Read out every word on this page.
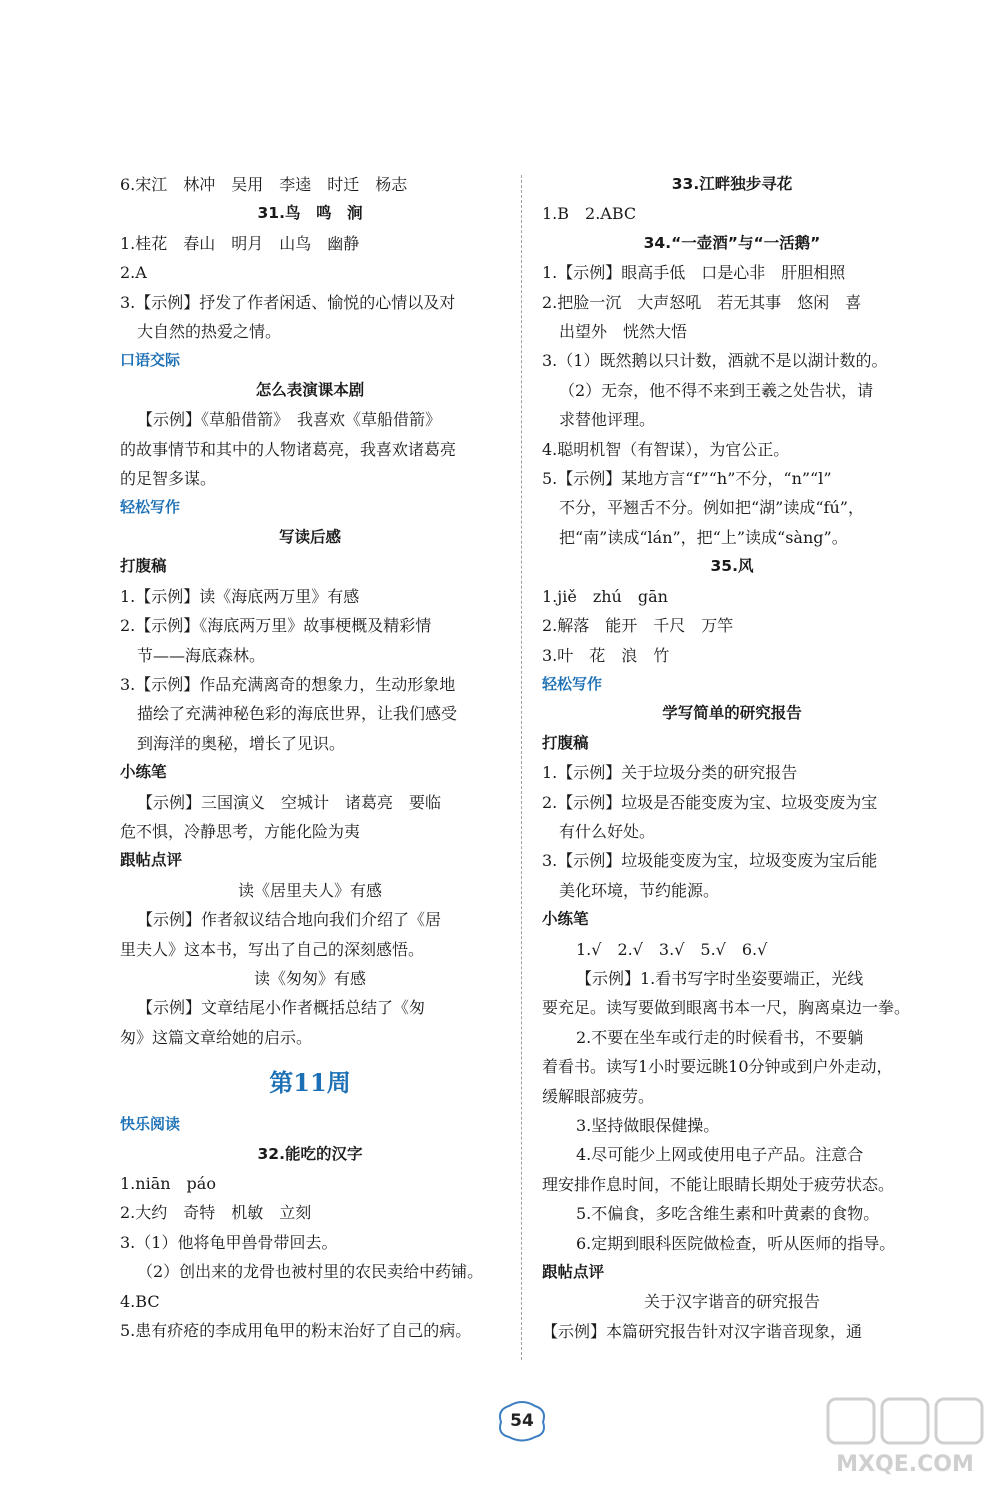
6.宋江　林冲　吴用　李逵　时迁　杨志

31.鸟　鸣　涧

1.桂花　春山　明月　山鸟　幽静

2.A

3.【示例】抒发了作者闲适、愉悦的心情以及对

大自然的热爱之情。

口语交际

怎么表演课本剧

【示例】《草船借箭》　我喜欢《草船借箭》

的故事情节和其中的人物诸葛亮，我喜欢诸葛亮

的足智多谋。

轻松写作

写读后感

打腹稿

1.【示例】读《海底两万里》有感

2.【示例】《海底两万里》故事梗概及精彩情

节——海底森林。

3.【示例】作品充满离奇的想象力，生动形象地

描绘了充满神秘色彩的海底世界，让我们感受

到海洋的奥秘，增长了见识。

小练笔

【示例】三国演义　空城计　诸葛亮　要临

危不惧，冷静思考，方能化险为夷

跟帖点评

读《居里夫人》有感

【示例】作者叙议结合地向我们介绍了《居

里夫人》这本书，写出了自己的深刻感悟。

读《匆匆》有感

【示例】文章结尾小作者概括总结了《匆

匆》这篇文章给她的启示。

第11周

快乐阅读

32.能吃的汉字

1.niān　páo

2.大约　奇特　机敏　立刻

3.（1）他将龟甲兽骨带回去。

（2）创出来的龙骨也被村里的农民卖给中药铺。

4.BC

5.患有疥疮的李成用龟甲的粉末治好了自己的病。

33.江畔独步寻花

1.B　2.ABC

34.“一壶酒”与“一活鹅”

1.【示例】眼高手低　口是心非　肝胆相照

2.把脸一沉　大声怒吼　若无其事　悠闲　喜

出望外　恍然大悟

3.（1）既然鹅以只计数，酒就不是以湖计数的。

（2）无奈，他不得不来到王羲之处告状，请

求替他评理。

4.聪明机智（有智谋），为官公正。

5.【示例】某地方言“f”“h”不分，“n”“l”

不分，平翘舌不分。例如把“湖”读成“fú”，

把“南”读成“lán”，把“上”读成“sàng”。

35.风

1.jiě　zhú　gān

2.解落　能开　千尺　万竿

3.叶　花　浪　竹

轻松写作

学写简单的研究报告

打腹稿

1.【示例】关于垃圾分类的研究报告

2.【示例】垃圾是否能变废为宝、垃圾变废为宝

有什么好处。

3.【示例】垃圾能变废为宝，垃圾变废为宝后能

美化环境，节约能源。

小练笔

1.√　2.√　3.√　5.√　6.√

【示例】1.看书写字时坐姿要端正，光线

要充足。读写要做到眼离书本一尺，胸离桌边一拳。

2.不要在坐车或行走的时候看书，不要躺

着看书。读写1小时要远眺10分钟或到户外走动，

缓解眼部疲劳。

3.坚持做眼保健操。

4.尽可能少上网或使用电子产品。注意合

理安排作息时间，不能让眼睛长期处于疲劳状态。

5.不偏食，多吃含维生素和叶黄素的食物。

6.定期到眼科医院做检查，听从医师的指导。

跟帖点评

关于汉字谐音的研究报告

【示例】本篇研究报告针对汉字谐音现象，通

54
MXQE.COM
